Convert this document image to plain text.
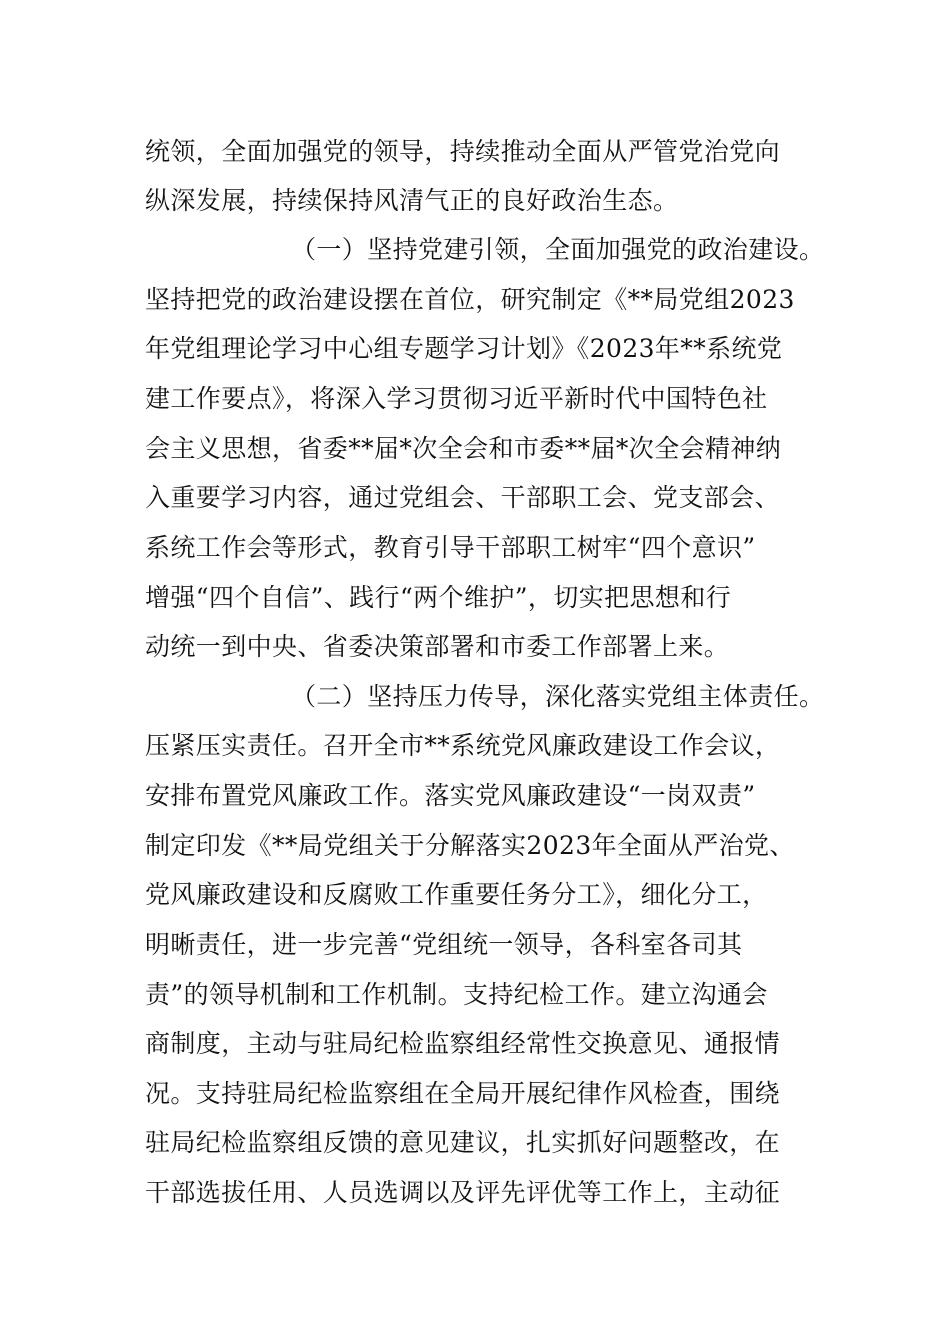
统领，全面加强党的领导，持续推动全面从严管党治党向
纵深发展，持续保持风清气正的良好政治生态。
（一）坚持党建引领，全面加强党的政治建设。
坚持把党的政治建设摆在首位，研究制定《**局党组2023
年党组理论学习中心组专题学习计划》《2023年**系统党
建工作要点》，将深入学习贯彻习近平新时代中国特色社
会主义思想，省委**届*次全会和市委**届*次全会精神纳
入重要学习内容，通过党组会、干部职工会、党支部会、
系统工作会等形式，教育引导干部职工树牢“四个意识”
增强“四个自信”、践行“两个维护”，切实把思想和行
动统一到中央、省委决策部署和市委工作部署上来。
（二）坚持压力传导，深化落实党组主体责任。
压紧压实责任。召开全市**系统党风廉政建设工作会议，
安排布置党风廉政工作。落实党风廉政建设“一岗双责”
制定印发《**局党组关于分解落实2023年全面从严治党、
党风廉政建设和反腐败工作重要任务分工》，细化分工，
明晰责任，进一步完善“党组统一领导，各科室各司其
责”的领导机制和工作机制。支持纪检工作。建立沟通会
商制度，主动与驻局纪检监察组经常性交换意见、通报情
况。支持驻局纪检监察组在全局开展纪律作风检查，围绕
驻局纪检监察组反馈的意见建议，扎实抓好问题整改，在
干部选拔任用、人员选调以及评先评优等工作上，主动征
